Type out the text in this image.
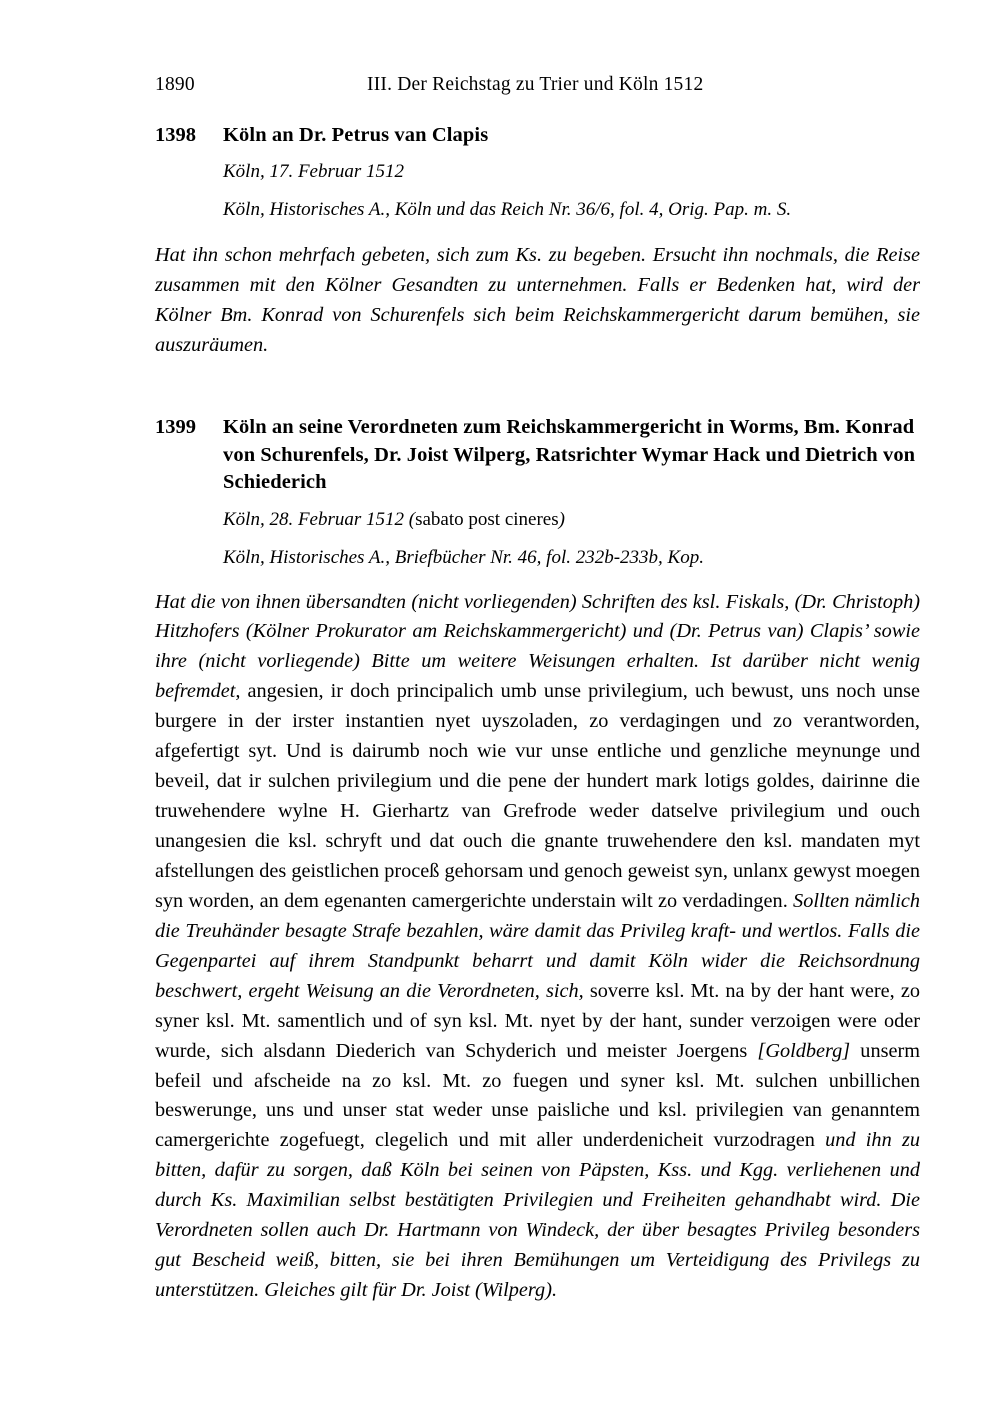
1890	III. Der Reichstag zu Trier und Köln 1512
1398	Köln an Dr. Petrus van Clapis
Köln, 17. Februar 1512
Köln, Historisches A., Köln und das Reich Nr. 36/6, fol. 4, Orig. Pap. m. S.
Hat ihn schon mehrfach gebeten, sich zum Ks. zu begeben. Ersucht ihn nochmals, die Reise zusammen mit den Kölner Gesandten zu unternehmen. Falls er Bedenken hat, wird der Kölner Bm. Konrad von Schurenfels sich beim Reichskammergericht darum bemühen, sie auszuräumen.
1399	Köln an seine Verordneten zum Reichskammergericht in Worms, Bm. Konrad von Schurenfels, Dr. Joist Wilperg, Ratsrichter Wymar Hack und Dietrich von Schiederich
Köln, 28. Februar 1512 (sabato post cineres)
Köln, Historisches A., Briefbücher Nr. 46, fol. 232b-233b, Kop.
Hat die von ihnen übersandten (nicht vorliegenden) Schriften des ksl. Fiskals, (Dr. Christoph) Hitzhofers (Kölner Prokurator am Reichskammergericht) und (Dr. Petrus van) Clapis’ sowie ihre (nicht vorliegende) Bitte um weitere Weisungen erhalten. Ist darüber nicht wenig befremdet, angesien, ir doch principalich umb unse privilegium, uch bewust, uns noch unse burgere in der irster instantien nyet uyszoladen, zo verdagingen und zo verantworden, afgefertigt syt. Und is dairumb noch wie vur unse entliche und genzliche meynunge und beveil, dat ir sulchen privilegium und die pene der hundert mark lotigs goldes, dairinne die truwehendere wylne H. Gierhartz van Grefrode weder datselve privilegium und ouch unangesien die ksl. schryft und dat ouch die gnante truwehendere den ksl. mandaten myt afstellungen des geistlichen proceß gehorsam und genoch geweist syn, unlanx gewyst moegen syn worden, an dem egenanten camergerichte understain wilt zo verdadingen. Sollten nämlich die Treuhänder besagte Strafe bezahlen, wäre damit das Privileg kraft- und wertlos. Falls die Gegenpartei auf ihrem Standpunkt beharrt und damit Köln wider die Reichsordnung beschwert, ergeht Weisung an die Verordneten, sich, soverre ksl. Mt. na by der hant were, zo syner ksl. Mt. samentlich und of syn ksl. Mt. nyet by der hant, sunder verzoigen were oder wurde, sich alsdann Diederich van Schyderich und meister Joergens [Goldberg] unserm befeil und afscheide na zo ksl. Mt. zo fuegen und syner ksl. Mt. sulchen unbillichen beswerunge, uns und unser stat weder unse paisliche und ksl. privilegien van genanntem camergerichte zogefuegt, clegelich und mit aller underdenicheit vurzodragen und ihn zu bitten, dafür zu sorgen, daß Köln bei seinen von Päpsten, Kss. und Kgg. verliehenen und durch Ks. Maximilian selbst bestätigten Privilegien und Freiheiten gehandhabt wird. Die Verordneten sollen auch Dr. Hartmann von Windeck, der über besagtes Privileg besonders gut Bescheid weiß, bitten, sie bei ihren Bemühungen um Verteidigung des Privilegs zu unterstützen. Gleiches gilt für Dr. Joist (Wilperg).
